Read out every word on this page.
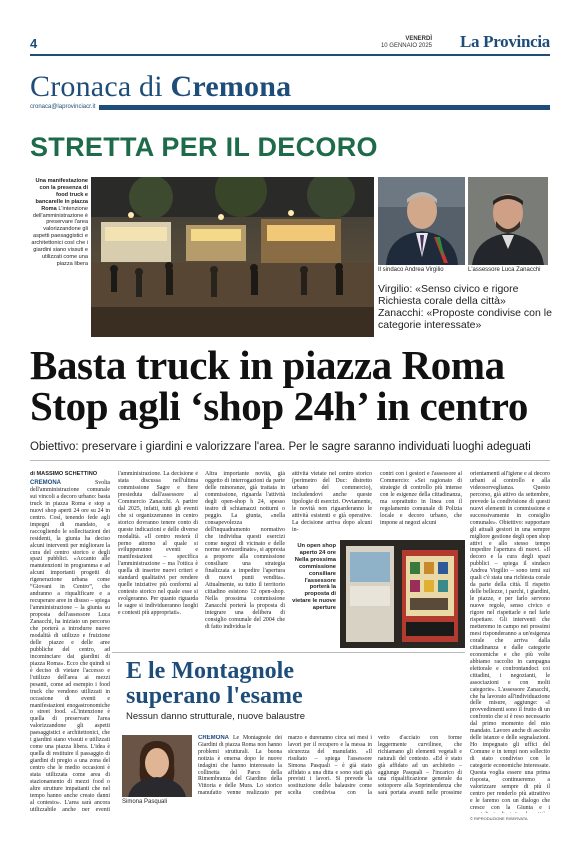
4	VENERDÌ
10 GENNAIO 2025 La Provincia
Cronaca di Cremona
cronaca@laprovinciacr.it
STRETTA PER IL DECORO
Una manifestazione con la presenza di food truck e bancarelle in piazza Roma L'intenzione dell'amministrazione è preservare l'area valorizzandone gli aspetti paesaggistici e architettonici così che i giardini siano vissuti e utilizzati come una piazza libera
Il sindaco Andrea Virgilio	L'assessore Luca Zanacchi
Virgilio: «Senso civico e rigore Richiesta corale della città»
Zanacchi: «Proposte condivise con le categorie interessate»
Basta truck in piazza Roma
Stop agli ‘shop 24h’ in centro
Obiettivo: preservare i giardini e valorizzare l'area. Per le sagre saranno individuati luoghi adeguati
di MASSIMO SCHETTINO

CREMONA	Svolta dell'amministrazione comunale sui vincoli a decoro urbano: basta truck in piazza Roma e stop a nuovi shop aperti 24 ore su 24 in centro. Così, tenendo fede agli impegni di mandato, e raccogliendo le sollecitazioni dei residenti, la giunta ha deciso alcuni interventi per migliorare la cura del centro storico e degli spazi pubblici. «Accanto alle manutenzioni in programma e ad alcuni importanti progetti di rigenerazione urbana come “Giovani in Centro”, che andranno a riqualificare e a recuperare aree in disuso – spiega l'amministrazione – la giunta su proposta dell'assessore Luca Zanacchi, ha iniziato un percorso che porterà a introdurre nuove modalità di utilizzo e fruizione delle piazze e delle aree pubbliche del centro, ad incominciare dai giardini di piazza Roma». Ecco che quindi si è deciso di vietare l'accesso e l'utilizzo dell'area ai mezzi pesanti, come ad esempio i food truck che vendono utilizzati in occasione di eventi e manifestazioni enogastronomiche o street food. «L'intenzione è quella di preservare l'area valorizzandone gli aspetti paesaggistici e architettonici, che i giardini siano vissuti e utilizzati come una piazza libera. L'idea è quella di restituire il passaggio di giardini di pregio a una zona del centro che le medio occasioni è stata utilizzata come area di stazionamento di mezzi food o altre strutture impattanti che nel tempo hanno anche creato danni al contesto». L'area sarà ancora utilizzabile anche per eventi

l'amministrazione. La decisione è stata discussa nell'ultima commissione Sagre e fiere presieduta dall'assessore al Commercio Zanacchi. A partire dal 2025, infatti, tutti gli eventi che si organizzeranno in centro storico dovranno tenere conto di queste indicazioni e delle diverse modalità. «Il centro resterà il perno attorno al quale si svilupperanno eventi e manifestazioni – specifica l'amministrazione – ma l'ottica è quella di inserire nuovi criteri e standard qualitativi per rendere quelle iniziative più conformi al contesto storico nel quale esse si svolgeranno. Per quanto riguarda le sagre si individueranno luoghi e contesti più appropriati».

Altra importante novità, già oggetto di interrogazioni da parte delle minoranze, già trattata in commissione, riguarda l'attività degli open-shop h 24, spesso teatro di schiamazzi notturni o peggio. La giunta, «nella consapevolezza dell'inquadramento normativo che individua questi esercizi come negozi di vicinato e delle norme sovraordinate», si appresta a proporre alla commissione consiliare una strategia finalizzata a impedire l'apertura di nuovi punti vendita». Attualmente, su tutto il territorio cittadino esistono 12 open-shop. Nella prossima commissione Zanacchi porterà la proposta di integrare una delibera di consiglio comunale del 2004 che di fatto individua le

attività vietate nel centro storico (perimetro del Duc: distretto urbano del commercio), includendovi anche queste tipologie di esercizi. Ovviamente, le novità non riguarderanno le attività esistenti e già operative. La decisione arriva dopo alcuni in-

contri con i gestori e l'assessore al Commercio: «Sei ragionato di strategie di controllo più intense con le esigenze della cittadinanza, ma soprattutto in linea con il regolamento comunale di Polizia locale e decoro urbano, che impone ai negozi alcuni

orientamenti all'igiene e al decoro urbani al controllo e alla videosorveglianza. Questo percorso, già attivo da settembre, prevede la condivisione di questi nuovi elementi in commissione e successivamente in consiglio comunale». Obiettivo: supportare gli attuali gestori in una sempre migliore gestione degli open shop attivi e allo stesso tempo impedire l'apertura di nuovi. «Il decoro e la cura degli spazi pubblici – spiega il sindaco Andrea Virgilio – sono temi sui quali c'è stata una richiesta corale da parte della città. Il rispetto delle bellezze, i parchi, i giardini, le piazze, e per farlo servono nuove regole, senso civico e rigore nel rispettarle e nel farle rispettare. Gli interventi che metteremo in campo nei prossimi mesi risponderanno a un'esigenza corale che arriva dalla cittadinanza e dalle categorie economiche e che più volte abbiamo raccolto in campagna elettorale e confrontandoci coi cittadini, i negozianti, le associazioni e con molti categorie». L'assessore Zanacchi, che ha lavorato all'individuazione delle misure, aggiunge: «I provvedimenti sono il frutto di un confronto che si è reso necessario dal primo momento del mio mandato. Lavoro anche di ascolto delle istanze e delle segnalazioni. Ho impegnato gli uffici del Comune e in tempi non sollecito di stato condiviso con le categorie economiche interessate. Questa voglia essere una prima risposta, continueremo a valorizzare sempre di più il centro per renderlo più attrattivo e le faremo con un dialogo che cresce con la Giunta e i

Un open shop aperto 24 ore Nella prossima commissione consiliare l'assessore porterà la proposta di vietare le nuove aperture
E le Montagnole
superano l'esame
Nessun danno strutturale, nuove balaustre
Simona Pasquali
CREMONA Le Montagnole dei Giardini di piazza Roma non hanno problemi strutturali. La buona notizia è emersa dopo le nuove indagini che hanno interessato la collinetta del Parco della Rimembranza del Giardino della Vittoria e delle Mura. Lo storico manufatto venne realizzato per
marzo e dureranno circa sei mesi i lavori per il recupero e la messa in sicurezza del manufatto. «Il risultato – spiega l'assessore Simona Pasquali – è già stato affidato a una ditta e sono stati già previsti i lavori. Si prevede la sostituzione delle balaustre come scelta condivisa con la
vetto d'acciaio con forme leggermente curvilinee, che richiamano gli elementi vegetali e naturali del contesto. «Ed è stato già affidato ad un architetto – aggiunge Pasquali – l'incarico di una riqualificazione generale da sottoporre alla Soprintendenza che sarà portata avanti nelle prossime
© RIPRODUZIONE RISERVATA
